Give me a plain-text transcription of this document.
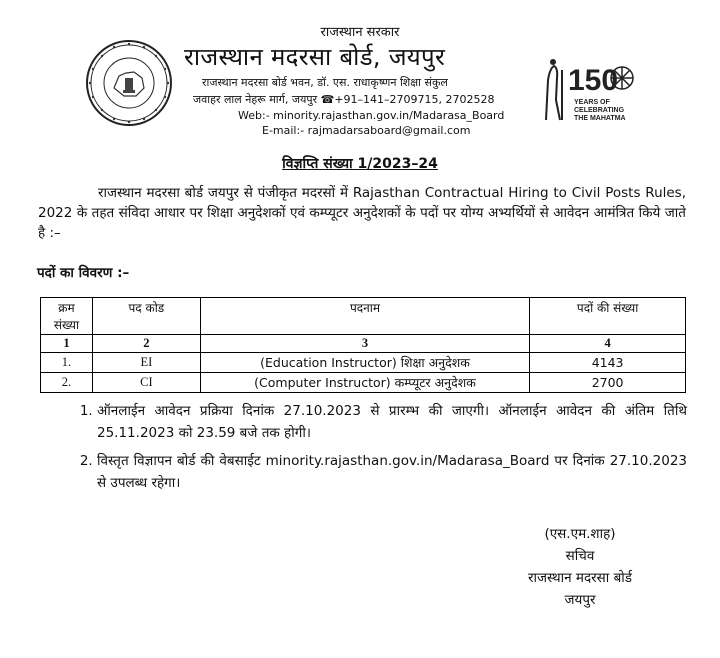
राजस्थान सरकार
राजस्थान मदरसा बोर्ड, जयपुर
राजस्थान मदरसा बोर्ड भवन, डॉ. एस. राधाकृष्णन शिक्षा संकुल
जवाहर लाल नेहरू मार्ग, जयपुर ☎+91–141–2709715, 2702528
Web:- minority.rajasthan.gov.in/Madarasa_Board
E-mail:- rajmadarsaboard@gmail.com
150
YEARS OF
CELEBRATING
THE MAHATMA
विज्ञप्ति संख्या 1/2023–24
राजस्थान मदरसा बोर्ड जयपुर से पंजीकृत मदरसों में Rajasthan Contractual Hiring to Civil Posts Rules, 2022 के तहत संविदा आधार पर शिक्षा अनुदेशकों एवं कम्प्यूटर अनुदेशकों के पदों पर योग्य अभ्यर्थियों से आवेदन आमंत्रित किये जाते है :–
पदों का विवरण :–
क्रम संख्या	पद कोड	पदनाम	पदों की संख्या
1	2	3	4
1.	EI	(Education Instructor) शिक्षा अनुदेशक	4143
2.	CI	(Computer Instructor) कम्प्यूटर अनुदेशक	2700
1. ऑनलाईन आवेदन प्रक्रिया दिनांक 27.10.2023 से प्रारम्भ की जाएगी। ऑनलाईन आवेदन की अंतिम तिथि 25.11.2023 को 23.59 बजे तक होगी।
2. विस्तृत विज्ञापन बोर्ड की वेबसाईट minority.rajasthan.gov.in/Madarasa_Board पर दिनांक 27.10.2023 से उपलब्ध रहेगा।
(एस.एम.शाह)
सचिव
राजस्थान मदरसा बोर्ड
जयपुर
